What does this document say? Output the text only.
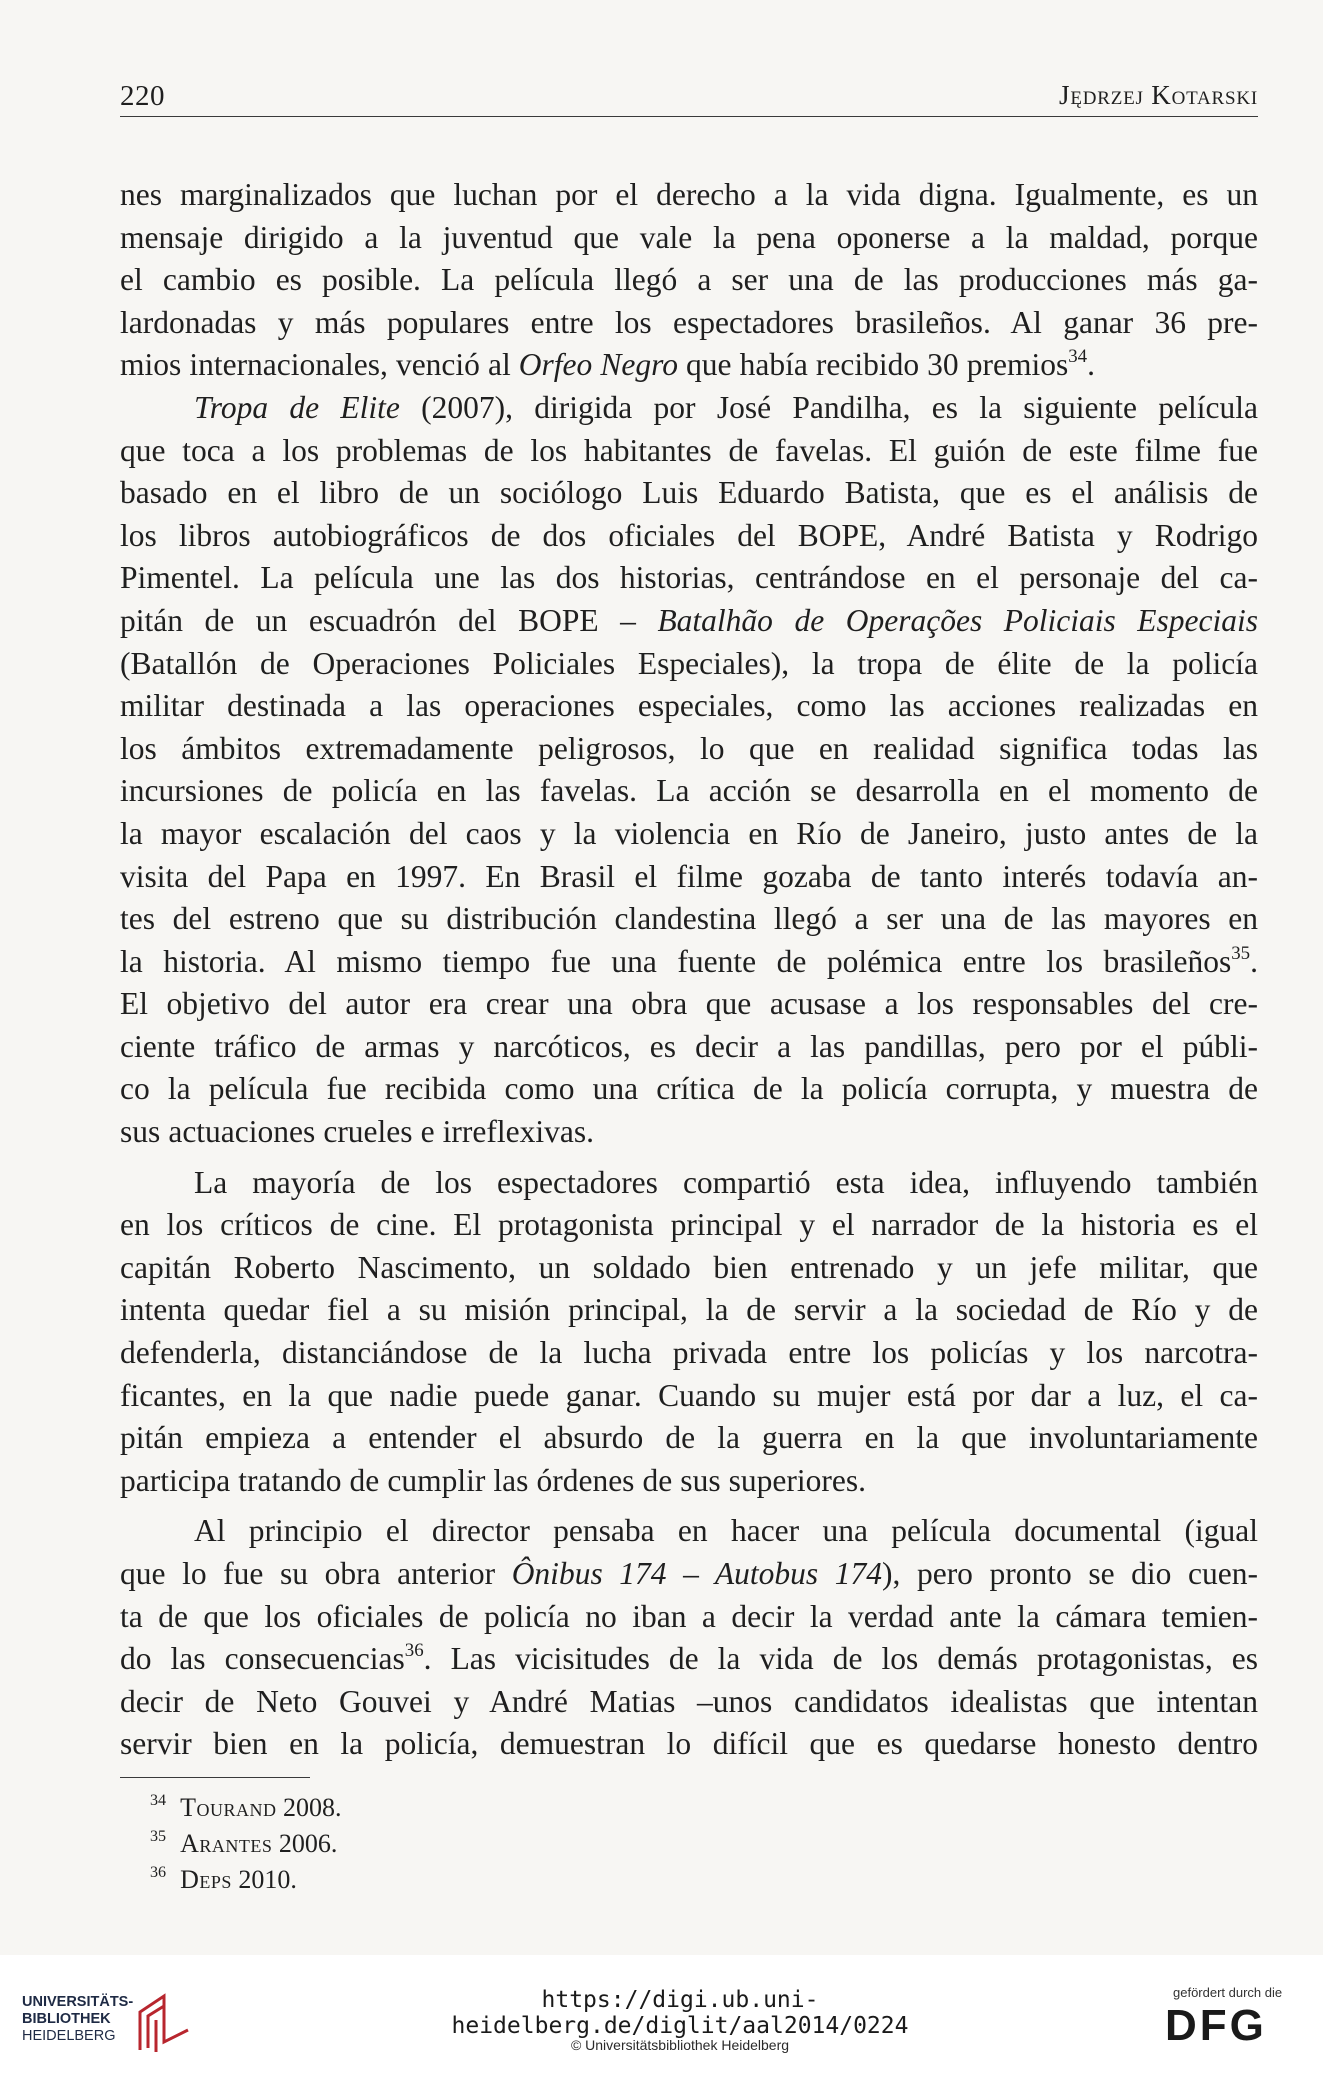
220	Jędrzej Kotarski

nes marginalizados que luchan por el derecho a la vida digna. Igualmente, es un
mensaje dirigido a la juventud que vale la pena oponerse a la maldad, porque
el cambio es posible. La película llegó a ser una de las producciones más ga-
lardonadas y más populares entre los espectadores brasileños. Al ganar 36 pre-
mios internacionales, venció al Orfeo Negro que había recibido 30 premios$^{34}$.

Tropa de Elite (2007), dirigida por José Pandilha, es la siguiente película
que toca a los problemas de los habitantes de favelas. El guión de este filme fue
basado en el libro de un sociólogo Luis Eduardo Batista, que es el análisis de
los libros autobiográficos de dos oficiales del BOPE, André Batista y Rodrigo
Pimentel. La película une las dos historias, centrándose en el personaje del ca-
pitán de un escuadrón del BOPE – Batalhão de Operações Policiais Especiais
(Batallón de Operaciones Policiales Especiales), la tropa de élite de la policía
militar destinada a las operaciones especiales, como las acciones realizadas en
los ámbitos extremadamente peligrosos, lo que en realidad significa todas las
incursiones de policía en las favelas. La acción se desarrolla en el momento de
la mayor escalación del caos y la violencia en Río de Janeiro, justo antes de la
visita del Papa en 1997. En Brasil el filme gozaba de tanto interés todavía an-
tes del estreno que su distribución clandestina llegó a ser una de las mayores en
la historia. Al mismo tiempo fue una fuente de polémica entre los brasileños$^{35}$.
El objetivo del autor era crear una obra que acusase a los responsables del cre-
ciente tráfico de armas y narcóticos, es decir a las pandillas, pero por el públi-
co la película fue recibida como una crítica de la policía corrupta, y muestra de
sus actuaciones crueles e irreflexivas.

La mayoría de los espectadores compartió esta idea, influyendo también
en los críticos de cine. El protagonista principal y el narrador de la historia es el
capitán Roberto Nascimento, un soldado bien entrenado y un jefe militar, que
intenta quedar fiel a su misión principal, la de servir a la sociedad de Río y de
defenderla, distanciándose de la lucha privada entre los policías y los narcotra-
ficantes, en la que nadie puede ganar. Cuando su mujer está por dar a luz, el ca-
pitán empieza a entender el absurdo de la guerra en la que involuntariamente
participa tratando de cumplir las órdenes de sus superiores.

Al principio el director pensaba en hacer una película documental (igual
que lo fue su obra anterior Ônibus 174 – Autobus 174), pero pronto se dio cuen-
ta de que los oficiales de policía no iban a decir la verdad ante la cámara temien-
do las consecuencias$^{36}$. Las vicisitudes de la vida de los demás protagonistas, es
decir de Neto Gouvei y André Matias –unos candidatos idealistas que intentan
servir bien en la policía, demuestran lo difícil que es quedarse honesto dentro

$^{34}$ Tourand 2008.
$^{35}$ Arantes 2006.
$^{36}$ Deps 2010.
UNIVERSITÄTS-
BIBLIOTHEK
HEIDELBERG
https://digi.ub.uni-heidelberg.de/diglit/aal2014/0224
© Universitätsbibliothek Heidelberg
gefördert durch die
DFG
